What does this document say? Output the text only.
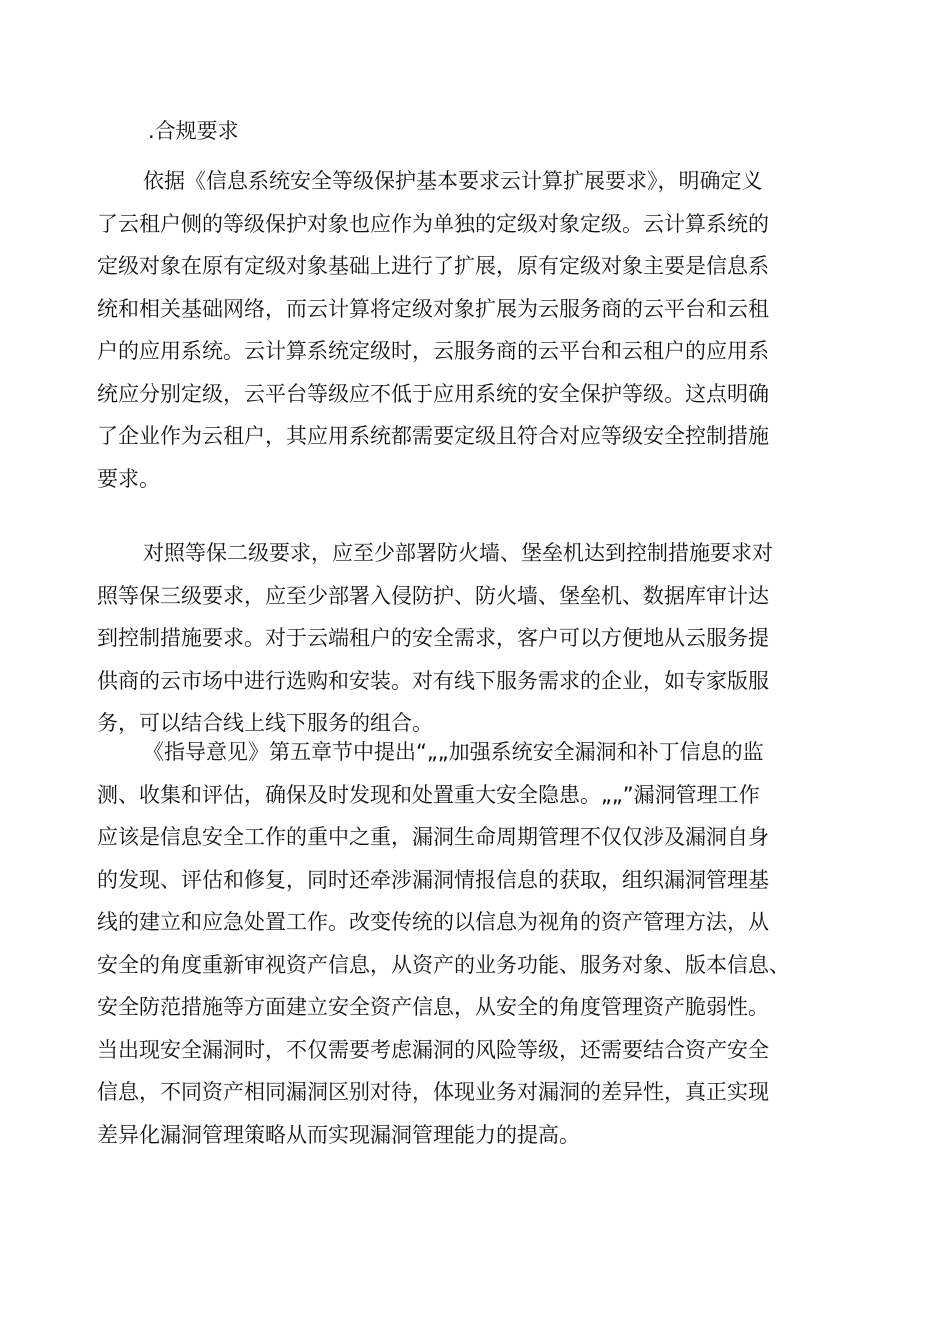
.合规要求

依据《信息系统安全等级保护基本要求云计算扩展要求》，明确定义
了云租户侧的等级保护对象也应作为单独的定级对象定级。云计算系统的
定级对象在原有定级对象基础上进行了扩展，原有定级对象主要是信息系
统和相关基础网络，而云计算将定级对象扩展为云服务商的云平台和云租
户的应用系统。云计算系统定级时，云服务商的云平台和云租户的应用系
统应分别定级，云平台等级应不低于应用系统的安全保护等级。这点明确
了企业作为云租户，其应用系统都需要定级且符合对应等级安全控制措施
要求。

对照等保二级要求，应至少部署防火墙、堡垒机达到控制措施要求对
照等保三级要求，应至少部署入侵防护、防火墙、堡垒机、数据库审计达
到控制措施要求。对于云端租户的安全需求，客户可以方便地从云服务提
供商的云市场中进行选购和安装。对有线下服务需求的企业，如专家版服
务，可以结合线上线下服务的组合。

《指导意见》第五章节中提出“„„加强系统安全漏洞和补丁信息的监
测、收集和评估，确保及时发现和处置重大安全隐患。„„”漏洞管理工作
应该是信息安全工作的重中之重，漏洞生命周期管理不仅仅涉及漏洞自身
的发现、评估和修复，同时还牵涉漏洞情报信息的获取，组织漏洞管理基
线的建立和应急处置工作。改变传统的以信息为视角的资产管理方法，从
安全的角度重新审视资产信息，从资产的业务功能、服务对象、版本信息、
安全防范措施等方面建立安全资产信息，从安全的角度管理资产脆弱性。
当出现安全漏洞时，不仅需要考虑漏洞的风险等级，还需要结合资产安全
信息，不同资产相同漏洞区别对待，体现业务对漏洞的差异性，真正实现
差异化漏洞管理策略从而实现漏洞管理能力的提高。
